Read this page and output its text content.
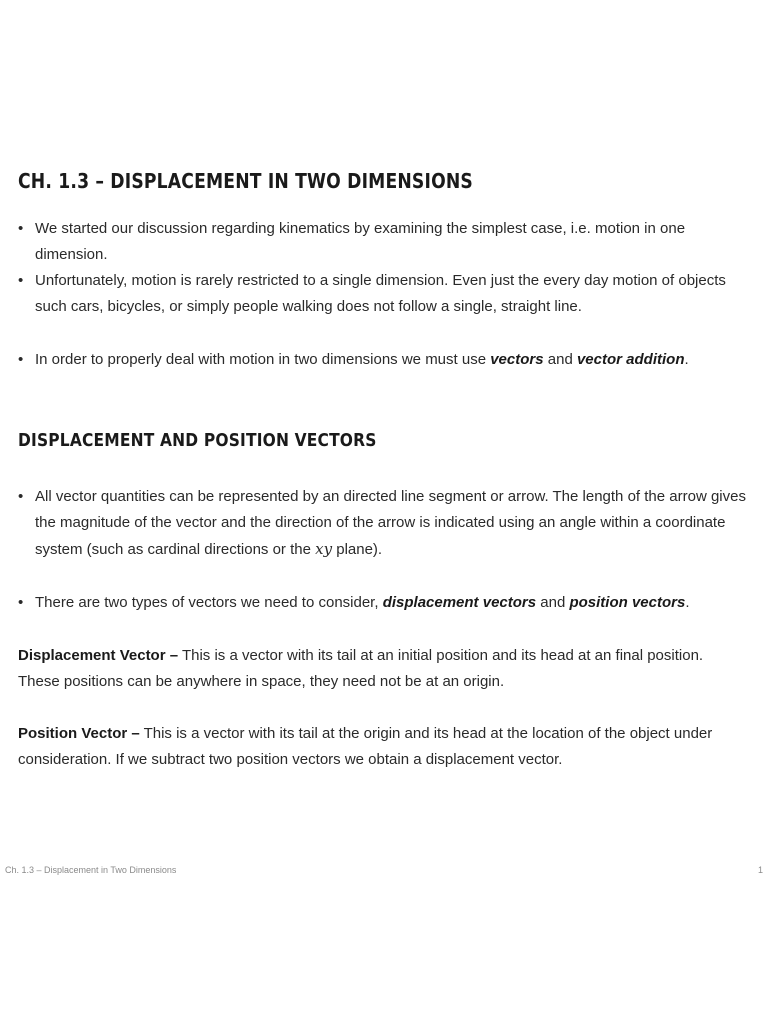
CH. 1.3 – DISPLACEMENT IN TWO DIMENSIONS
• We started our discussion regarding kinematics by examining the simplest case, i.e. motion in one dimension.
• Unfortunately, motion is rarely restricted to a single dimension. Even just the every day motion of objects such cars, bicycles, or simply people walking does not follow a single, straight line.
• In order to properly deal with motion in two dimensions we must use vectors and vector addition.
DISPLACEMENT AND POSITION VECTORS
• All vector quantities can be represented by an directed line segment or arrow. The length of the arrow gives the magnitude of the vector and the direction of the arrow is indicated using an angle within a coordinate system (such as cardinal directions or the xy plane).
• There are two types of vectors we need to consider, displacement vectors and position vectors.
Displacement Vector – This is a vector with its tail at an initial position and its head at an final position. These positions can be anywhere in space, they need not be at an origin.
Position Vector – This is a vector with its tail at the origin and its head at the location of the object under consideration. If we subtract two position vectors we obtain a displacement vector.
Ch. 1.3 – Displacement in Two Dimensions	1
